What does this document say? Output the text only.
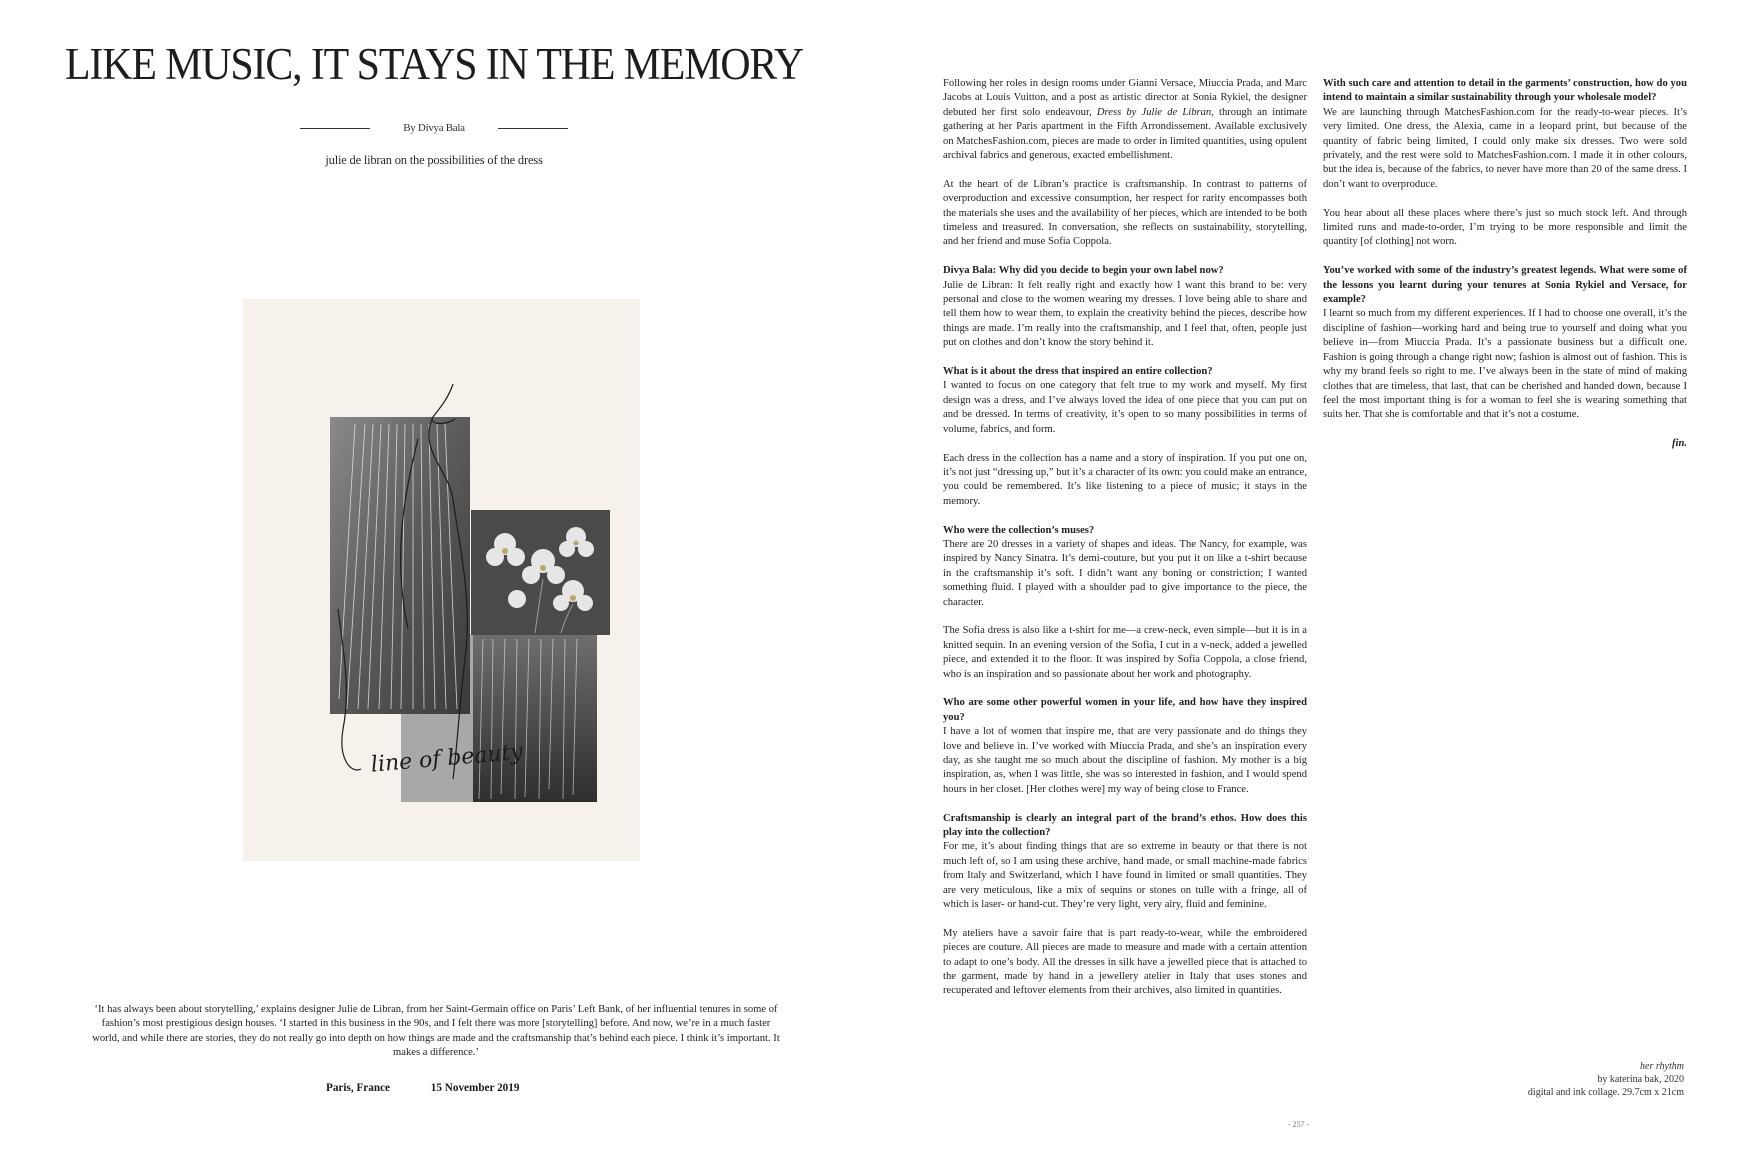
LIKE MUSIC, IT STAYS IN THE MEMORY
By Divya Bala
julie de libran on the possibilities of the dress
line of beauty

‘It has always been about storytelling,’ explains designer Julie de Libran, from her Saint-Germain office on Paris’ Left Bank, of her influential tenures in some of fashion’s most prestigious design houses. ‘I started in this business in the 90s, and I felt there was more [storytelling] before. And now, we’re in a much faster world, and while there are stories, they do not really go into depth on how things are made and the craftsmanship that’s behind each piece. I think it’s important. It makes a difference.’

Paris, France	15 November 2019

Following her roles in design rooms under Gianni Versace, Miuccia Prada, and Marc Jacobs at Louis Vuitton, and a post as artistic director at Sonia Rykiel, the designer debuted her first solo endeavour, Dress by Julie de Libran, through an intimate gathering at her Paris apartment in the Fifth Arrondissement. Available exclusively on MatchesFashion.com, pieces are made to order in limited quantities, using opulent archival fabrics and generous, exacted embellishment.

At the heart of de Libran’s practice is craftsmanship. In contrast to patterns of overproduction and excessive consumption, her respect for rarity encompasses both the materials she uses and the availability of her pieces, which are intended to be both timeless and treasured. In conversation, she reflects on sustainability, storytelling, and her friend and muse Sofia Coppola.

Divya Bala: Why did you decide to begin your own label now?
Julie de Libran: It felt really right and exactly how I want this brand to be: very personal and close to the women wearing my dresses. I love being able to share and tell them how to wear them, to explain the creativity behind the pieces, describe how things are made. I’m really into the craftsmanship, and I feel that, often, people just put on clothes and don’t know the story behind it.

What is it about the dress that inspired an entire collection?
I wanted to focus on one category that felt true to my work and myself. My first design was a dress, and I’ve always loved the idea of one piece that you can put on and be dressed. In terms of creativity, it’s open to so many possibilities in terms of volume, fabrics, and form.

Each dress in the collection has a name and a story of inspiration. If you put one on, it’s not just “dressing up,” but it’s a character of its own: you could make an entrance, you could be remembered. It’s like listening to a piece of music; it stays in the memory.

Who were the collection’s muses?
There are 20 dresses in a variety of shapes and ideas. The Nancy, for example, was inspired by Nancy Sinatra. It’s demi-couture, but you put it on like a t-shirt because in the craftsmanship it’s soft. I didn’t want any boning or constriction; I wanted something fluid. I played with a shoulder pad to give importance to the piece, the character.

The Sofia dress is also like a t-shirt for me—a crew-neck, even simple—but it is in a knitted sequin. In an evening version of the Sofia, I cut in a v-neck, added a jewelled piece, and extended it to the floor. It was inspired by Sofia Coppola, a close friend, who is an inspiration and so passionate about her work and photography.

Who are some other powerful women in your life, and how have they inspired you?
I have a lot of women that inspire me, that are very passionate and do things they love and believe in. I’ve worked with Miuccia Prada, and she’s an inspiration every day, as she taught me so much about the discipline of fashion. My mother is a big inspiration, as, when I was little, she was so interested in fashion, and I would spend hours in her closet. [Her clothes were] my way of being close to France.

Craftsmanship is clearly an integral part of the brand’s ethos. How does this play into the collection?
For me, it’s about finding things that are so extreme in beauty or that there is not much left of, so I am using these archive, hand made, or small machine-made fabrics from Italy and Switzerland, which I have found in limited or small quantities. They are very meticulous, like a mix of sequins or stones on tulle with a fringe, all of which is laser- or hand-cut. They’re very light, very airy, fluid and feminine.

My ateliers have a savoir faire that is part ready-to-wear, while the embroidered pieces are couture. All pieces are made to measure and made with a certain attention to adapt to one’s body. All the dresses in silk have a jewelled piece that is attached to the garment, made by hand in a jewellery atelier in Italy that uses stones and recuperated and leftover elements from their archives, also limited in quantities.

With such care and attention to detail in the garments’ construction, how do you intend to maintain a similar sustainability through your wholesale model?
We are launching through MatchesFashion.com for the ready-to-wear pieces. It’s very limited. One dress, the Alexia, came in a leopard print, but because of the quantity of fabric being limited, I could only make six dresses. Two were sold privately, and the rest were sold to MatchesFashion.com. I made it in other colours, but the idea is, because of the fabrics, to never have more than 20 of the same dress. I don’t want to overproduce.

You hear about all these places where there’s just so much stock left. And through limited runs and made-to-order, I’m trying to be more responsible and limit the quantity [of clothing] not worn.

You’ve worked with some of the industry’s greatest legends. What were some of the lessons you learnt during your tenures at Sonia Rykiel and Versace, for example?
I learnt so much from my different experiences. If I had to choose one overall, it’s the discipline of fashion—working hard and being true to yourself and doing what you believe in—from Miuccia Prada. It’s a passionate business but a difficult one. Fashion is going through a change right now; fashion is almost out of fashion. This is why my brand feels so right to me. I’ve always been in the state of mind of making clothes that are timeless, that last, that can be cherished and handed down, because I feel the most important thing is for a woman to feel she is wearing something that suits her. That she is comfortable and that it’s not a costume.

fin.

her rhythm
by katerina bak, 2020
digital and ink collage. 29.7cm x 21cm
- 257 -
